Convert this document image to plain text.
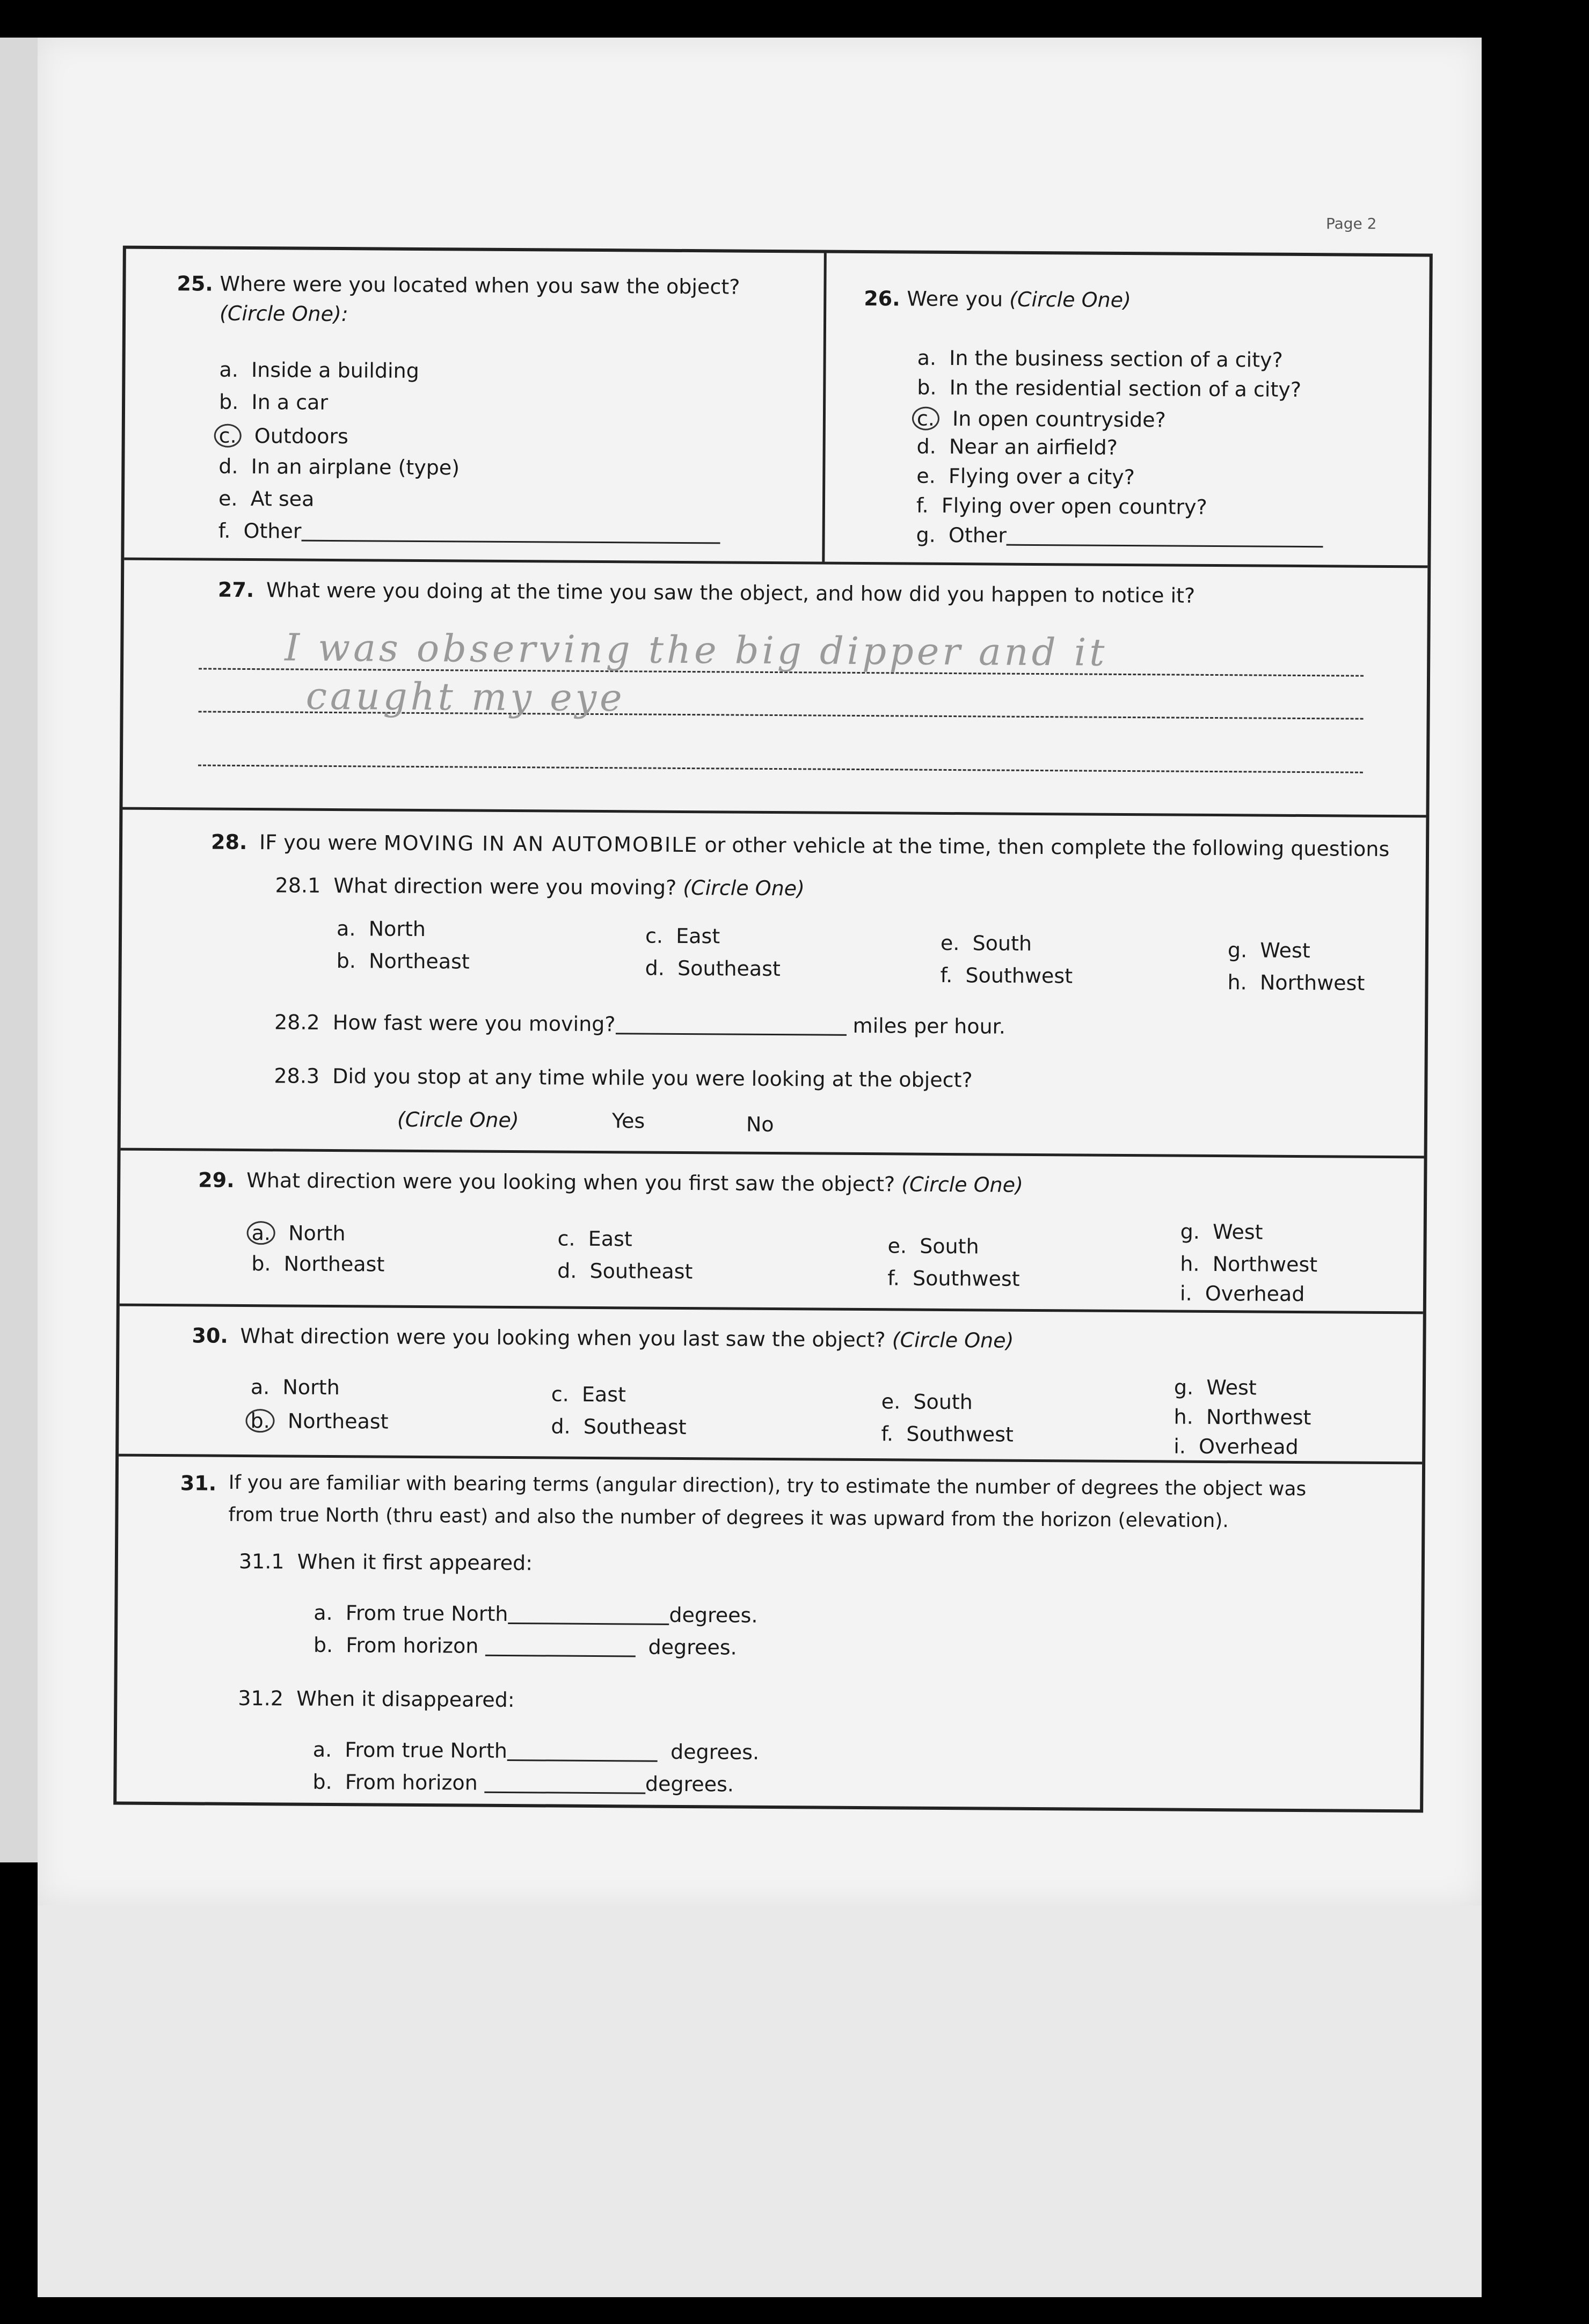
Page 2
25. Where were you located when you saw the object?
(Circle One):
a. Inside a building
b. In a car
c. Outdoors
d. In an airplane (type)
e. At sea
f. Other
26. Were you (Circle One)
a. In the business section of a city?
b. In the residential section of a city?
c. In open countryside?
d. Near an airfield?
e. Flying over a city?
f. Flying over open country?
g. Other
27. What were you doing at the time you saw the object, and how did you happen to notice it?
I was observing the big dipper and it
caught my eye
28. IF you were MOVING IN AN AUTOMOBILE or other vehicle at the time, then complete the following questions
28.1 What direction were you moving? (Circle One)
a. North
b. Northeast
c. East
d. Southeast
e. South
f. Southwest
g. West
h. Northwest
28.2 How fast were you moving?	miles per hour.
28.3 Did you stop at any time while you were looking at the object?
(Circle One)	Yes	No
29. What direction were you looking when you first saw the object? (Circle One)
a. North
b. Northeast
c. East
d. Southeast
e. South
f. Southwest
g. West
h. Northwest
i. Overhead
30. What direction were you looking when you last saw the object? (Circle One)
a. North
b. Northeast
c. East
d. Southeast
e. South
f. Southwest
g. West
h. Northwest
i. Overhead
31. If you are familiar with bearing terms (angular direction), try to estimate the number of degrees the object was
from true North (thru east) and also the number of degrees it was upward from the horizon (elevation).
31.1 When it first appeared:
a. From true North	degrees.
b. From horizon	degrees.
31.2 When it disappeared:
a. From true North	degrees.
b. From horizon	degrees.
